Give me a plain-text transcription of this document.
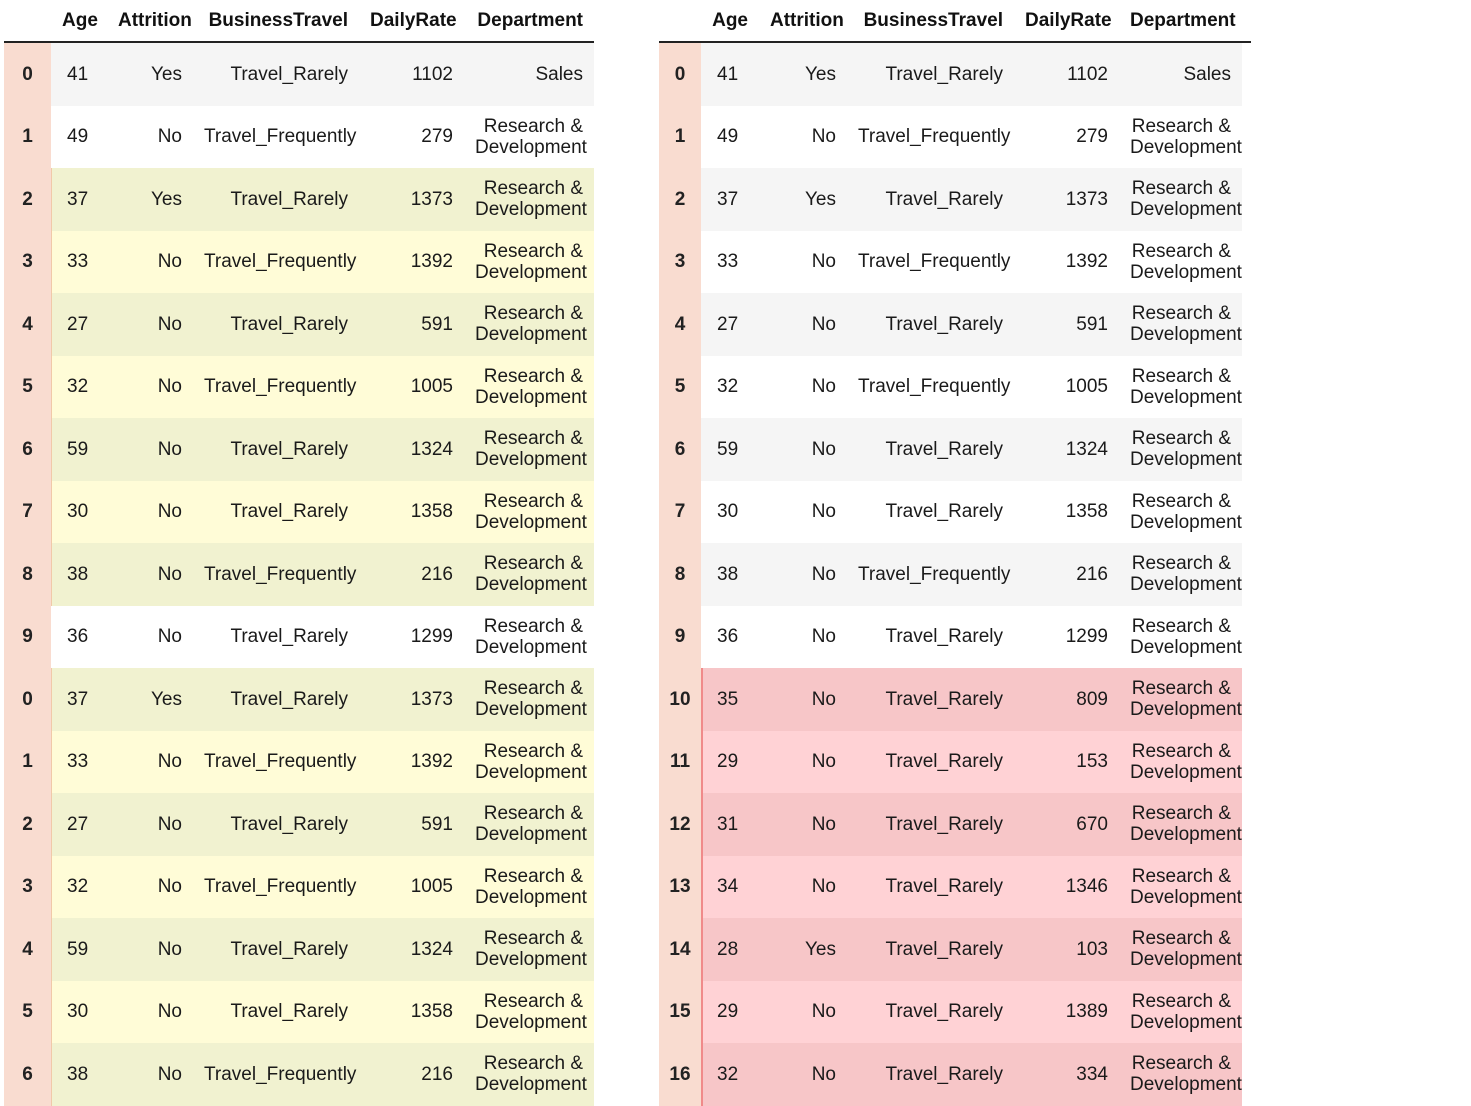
	Age	Attrition	BusinessTravel	DailyRate	Department
0	41	Yes	Travel_Rarely	1102	Sales
1	49	No	Travel_Frequently	279	Research & Development
2	37	Yes	Travel_Rarely	1373	Research & Development
3	33	No	Travel_Frequently	1392	Research & Development
4	27	No	Travel_Rarely	591	Research & Development
5	32	No	Travel_Frequently	1005	Research & Development
6	59	No	Travel_Rarely	1324	Research & Development
7	30	No	Travel_Rarely	1358	Research & Development
8	38	No	Travel_Frequently	216	Research & Development
9	36	No	Travel_Rarely	1299	Research & Development
0	37	Yes	Travel_Rarely	1373	Research & Development
1	33	No	Travel_Frequently	1392	Research & Development
2	27	No	Travel_Rarely	591	Research & Development
3	32	No	Travel_Frequently	1005	Research & Development
4	59	No	Travel_Rarely	1324	Research & Development
5	30	No	Travel_Rarely	1358	Research & Development
6	38	No	Travel_Frequently	216	Research & Development
	Age	Attrition	BusinessTravel	DailyRate	Department	
0	41	Yes	Travel_Rarely	1102	Sales	
1	49	No	Travel_Frequently	279	Research & Development	
2	37	Yes	Travel_Rarely	1373	Research & Development	
3	33	No	Travel_Frequently	1392	Research & Development	
4	27	No	Travel_Rarely	591	Research & Development	
5	32	No	Travel_Frequently	1005	Research & Development	
6	59	No	Travel_Rarely	1324	Research & Development	
7	30	No	Travel_Rarely	1358	Research & Development	
8	38	No	Travel_Frequently	216	Research & Development	
9	36	No	Travel_Rarely	1299	Research & Development	
10	35	No	Travel_Rarely	809	Research & Development	
11	29	No	Travel_Rarely	153	Research & Development	
12	31	No	Travel_Rarely	670	Research & Development	
13	34	No	Travel_Rarely	1346	Research & Development	
14	28	Yes	Travel_Rarely	103	Research & Development	
15	29	No	Travel_Rarely	1389	Research & Development	
16	32	No	Travel_Rarely	334	Research & Development	
